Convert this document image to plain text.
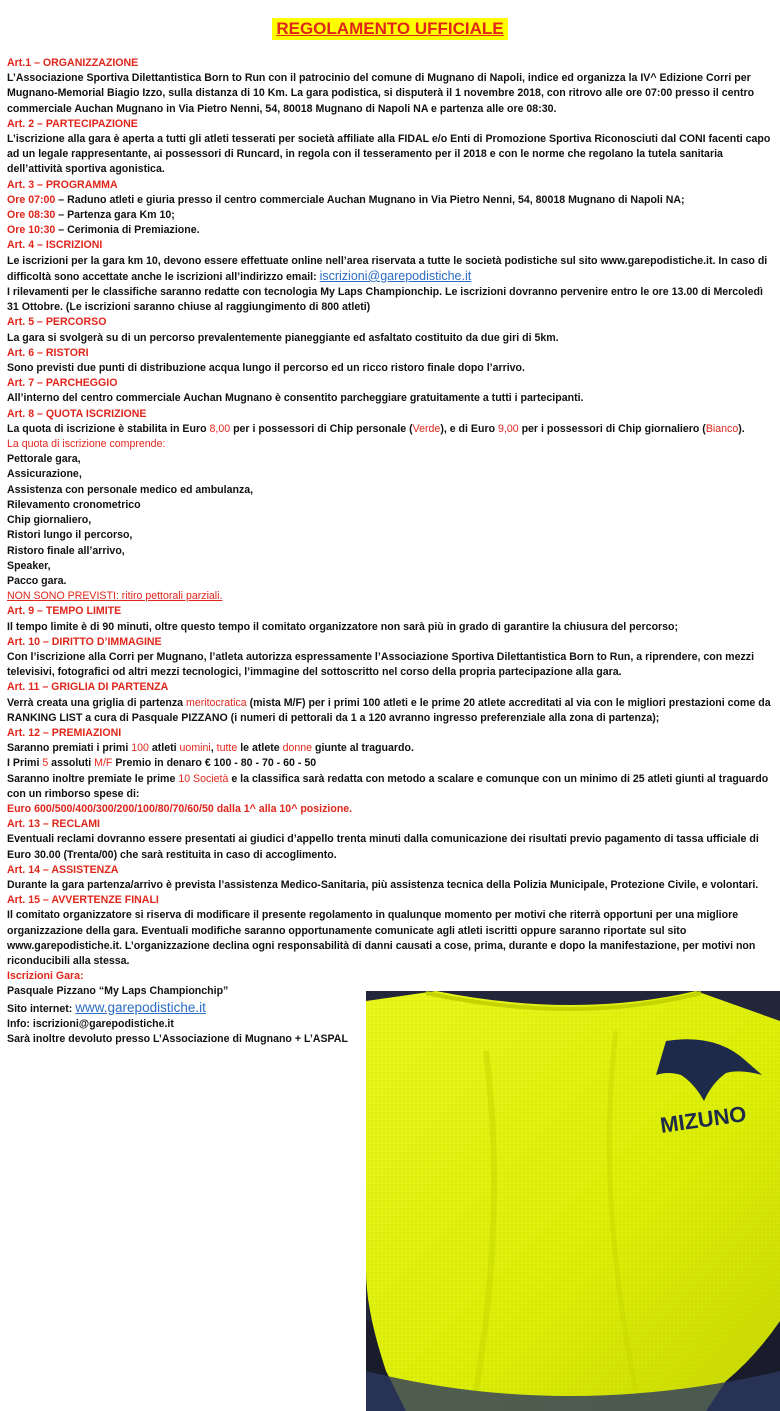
REGOLAMENTO UFFICIALE

Art.1 – ORGANIZZAZIONE

L’Associazione Sportiva Dilettantistica Born to Run con il patrocinio del comune di Mugnano di Napoli, indice ed organizza la IV^ Edizione Corri per Mugnano-Memorial Biagio Izzo, sulla distanza di 10 Km. La gara podistica, si disputerà il 1 novembre 2018, con ritrovo alle ore 07:00 presso il centro commerciale Auchan Mugnano in Via Pietro Nenni, 54, 80018 Mugnano di Napoli NA e partenza alle ore 08:30.

Art. 2 – PARTECIPAZIONE

L’iscrizione alla gara è aperta a tutti gli atleti tesserati per società affiliate alla FIDAL e/o Enti di Promozione Sportiva Riconosciuti dal CONI facenti capo ad un legale rappresentante, ai possessori di Runcard, in regola con il tesseramento per il 2018 e con le norme che regolano la tutela sanitaria dell’attività sportiva agonistica.

Art. 3 – PROGRAMMA

Ore 07:00 – Raduno atleti e giuria presso il centro commerciale Auchan Mugnano in Via Pietro Nenni, 54, 80018 Mugnano di Napoli NA;

Ore 08:30 – Partenza gara Km 10;

Ore 10:30 – Cerimonia di Premiazione.

Art. 4 – ISCRIZIONI

Le iscrizioni per la gara km 10, devono essere effettuate online nell’area riservata a tutte le società podistiche sul sito www.garepodistiche.it. In caso di difficoltà sono accettate anche le iscrizioni all’indirizzo email: iscrizioni@garepodistiche.it

I rilevamenti per le classifiche saranno redatte con tecnologia My Laps Championchip. Le iscrizioni dovranno pervenire entro le ore 13.00 di Mercoledì 31 Ottobre. (Le iscrizioni saranno chiuse al raggiungimento di 800 atleti)

Art. 5 – PERCORSO

La gara si svolgerà su di un percorso prevalentemente pianeggiante ed asfaltato costituito da due giri di 5km.

Art. 6 – RISTORI

Sono previsti due punti di distribuzione acqua lungo il percorso ed un ricco ristoro finale dopo l’arrivo.

Art. 7 – PARCHEGGIO

All’interno del centro commerciale Auchan Mugnano è consentito parcheggiare gratuitamente a tutti i partecipanti.

Art. 8 – QUOTA ISCRIZIONE

La quota di iscrizione è stabilita in Euro 8,00 per i possessori di Chip personale (Verde), e di Euro 9,00 per i possessori di Chip giornaliero (Bianco).

La quota di iscrizione comprende:

Pettorale gara,

Assicurazione,

Assistenza con personale medico ed ambulanza,

Rilevamento cronometrico

Chip giornaliero,

Ristori lungo il percorso,

Ristoro finale all’arrivo,

Speaker,

Pacco gara.

NON SONO PREVISTI: ritiro pettorali parziali.

Art. 9 – TEMPO LIMITE

Il tempo limite è di 90 minuti, oltre questo tempo il comitato organizzatore non sarà più in grado di garantire la chiusura del percorso;

Art. 10 – DIRITTO D’IMMAGINE

Con l’iscrizione alla Corri per Mugnano, l’atleta autorizza espressamente l’Associazione Sportiva Dilettantistica Born to Run, a riprendere, con mezzi televisivi, fotografici od altri mezzi tecnologici, l’immagine del sottoscritto nel corso della propria partecipazione alla gara.

Art. 11 – GRIGLIA DI PARTENZA

Verrà creata una griglia di partenza meritocratica (mista M/F) per i primi 100 atleti e le prime 20 atlete accreditati al via con le migliori prestazioni come da RANKING LIST a cura di Pasquale PIZZANO (i numeri di pettorali da 1 a 120 avranno ingresso preferenziale alla zona di partenza);

Art. 12 – PREMIAZIONI

Saranno premiati i primi 100 atleti uomini, tutte le atlete donne giunte al traguardo.

I Primi 5 assoluti M/F Premio in denaro € 100 - 80 - 70 - 60 - 50

Saranno inoltre premiate le prime 10 Società e la classifica sarà redatta con metodo a scalare e comunque con un minimo di 25 atleti giunti al traguardo con un rimborso spese di:

Euro 600/500/400/300/200/100/80/70/60/50 dalla 1^ alla 10^ posizione.

Art. 13 – RECLAMI

Eventuali reclami dovranno essere presentati ai giudici d’appello trenta minuti dalla comunicazione dei risultati previo pagamento di tassa ufficiale di Euro 30.00 (Trenta/00) che sarà restituita in caso di accoglimento.

Art. 14 – ASSISTENZA

Durante la gara partenza/arrivo è prevista l’assistenza Medico-Sanitaria, più assistenza tecnica della Polizia Municipale, Protezione Civile, e volontari.

Art. 15 – AVVERTENZE FINALI

Il comitato organizzatore si riserva di modificare il presente regolamento in qualunque momento per motivi che riterrà opportuni per una migliore organizzazione della gara. Eventuali modifiche saranno opportunamente comunicate agli atleti iscritti oppure saranno riportate sul sito www.garepodistiche.it. L’organizzazione declina ogni responsabilità di danni causati a cose, prima, durante e dopo la manifestazione, per motivi non riconducibili alla stessa.

Iscrizioni Gara:

Pasquale Pizzano “My Laps Championchip”

Sito internet: www.garepodistiche.it

Info: iscrizioni@garepodistiche.it

Sarà inoltre devoluto presso L’Associazione di Mugnano + L’ASPAL

MIZUNO
